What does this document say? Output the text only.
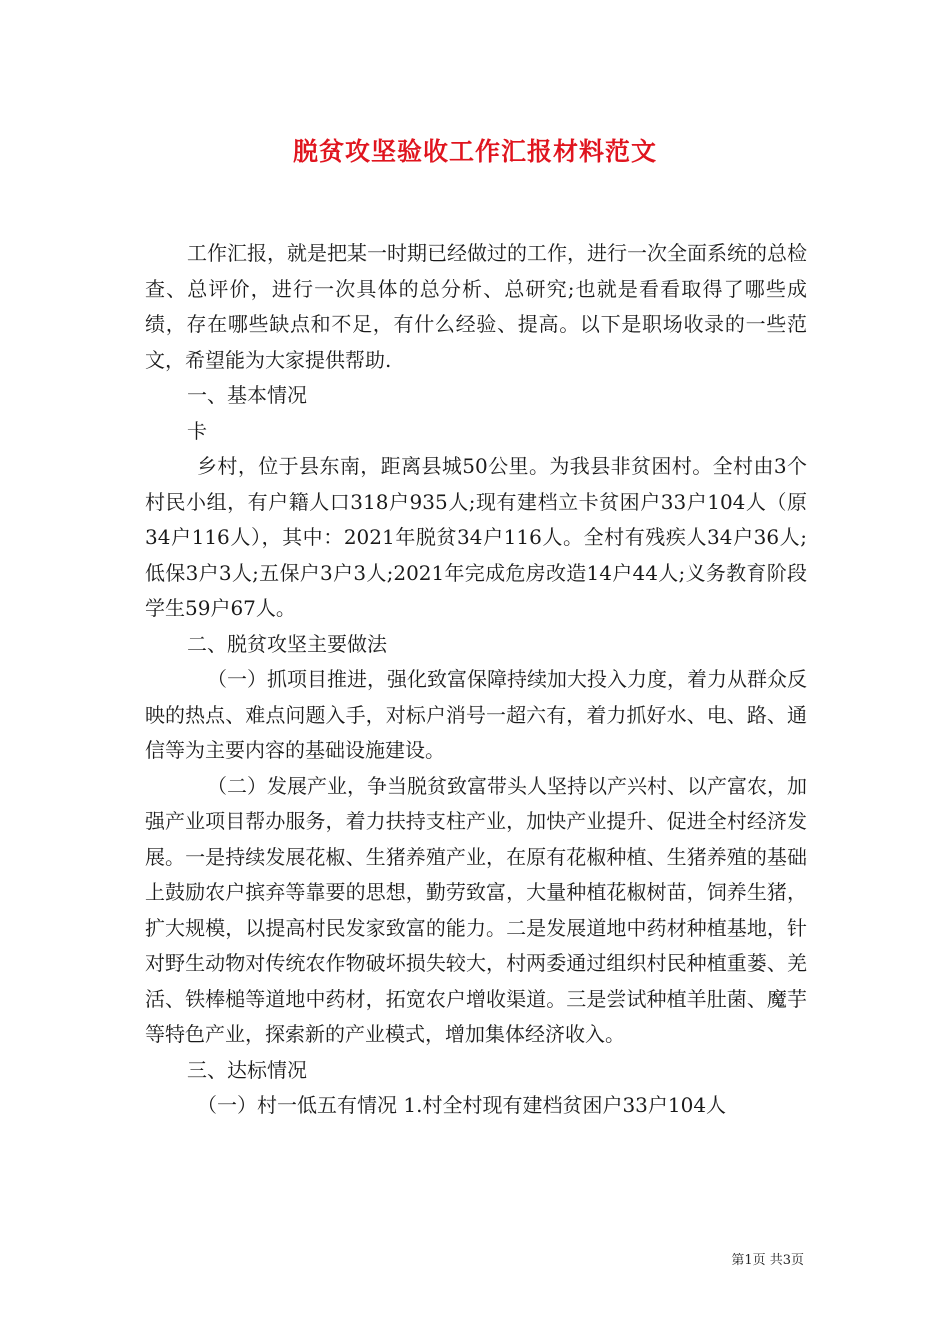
脱贫攻坚验收工作汇报材料范文

工作汇报，就是把某一时期已经做过的工作，进行一次全面系统的总检查、总评价，进行一次具体的总分析、总研究;也就是看看取得了哪些成绩，存在哪些缺点和不足，有什么经验、提高。以下是职场收录的一些范文，希望能为大家提供帮助.

一、基本情况

卡

乡村，位于县东南，距离县城50公里。为我县非贫困村。全村由3个村民小组，有户籍人口318户935人;现有建档立卡贫困户33户104人（原34户116人），其中：2021年脱贫34户116人。全村有残疾人34户36人;低保3户3人;五保户3户3人;2021年完成危房改造14户44人;义务教育阶段学生59户67人。

二、脱贫攻坚主要做法

（一）抓项目推进，强化致富保障持续加大投入力度，着力从群众反映的热点、难点问题入手，对标户消号一超六有，着力抓好水、电、路、通信等为主要内容的基础设施建设。

（二）发展产业，争当脱贫致富带头人坚持以产兴村、以产富农，加强产业项目帮办服务，着力扶持支柱产业，加快产业提升、促进全村经济发展。一是持续发展花椒、生猪养殖产业，在原有花椒种植、生猪养殖的基础上鼓励农户摈弃等靠要的思想，勤劳致富，大量种植花椒树苗，饲养生猪，扩大规模，以提高村民发家致富的能力。二是发展道地中药材种植基地，针对野生动物对传统农作物破坏损失较大，村两委通过组织村民种植重蒌、羌活、铁棒槌等道地中药材，拓宽农户增收渠道。三是尝试种植羊肚菌、魔芋等特色产业，探索新的产业模式，增加集体经济收入。

三、达标情况

（一）村一低五有情况 1.村全村现有建档贫困户33户104人

第1页 共3页
